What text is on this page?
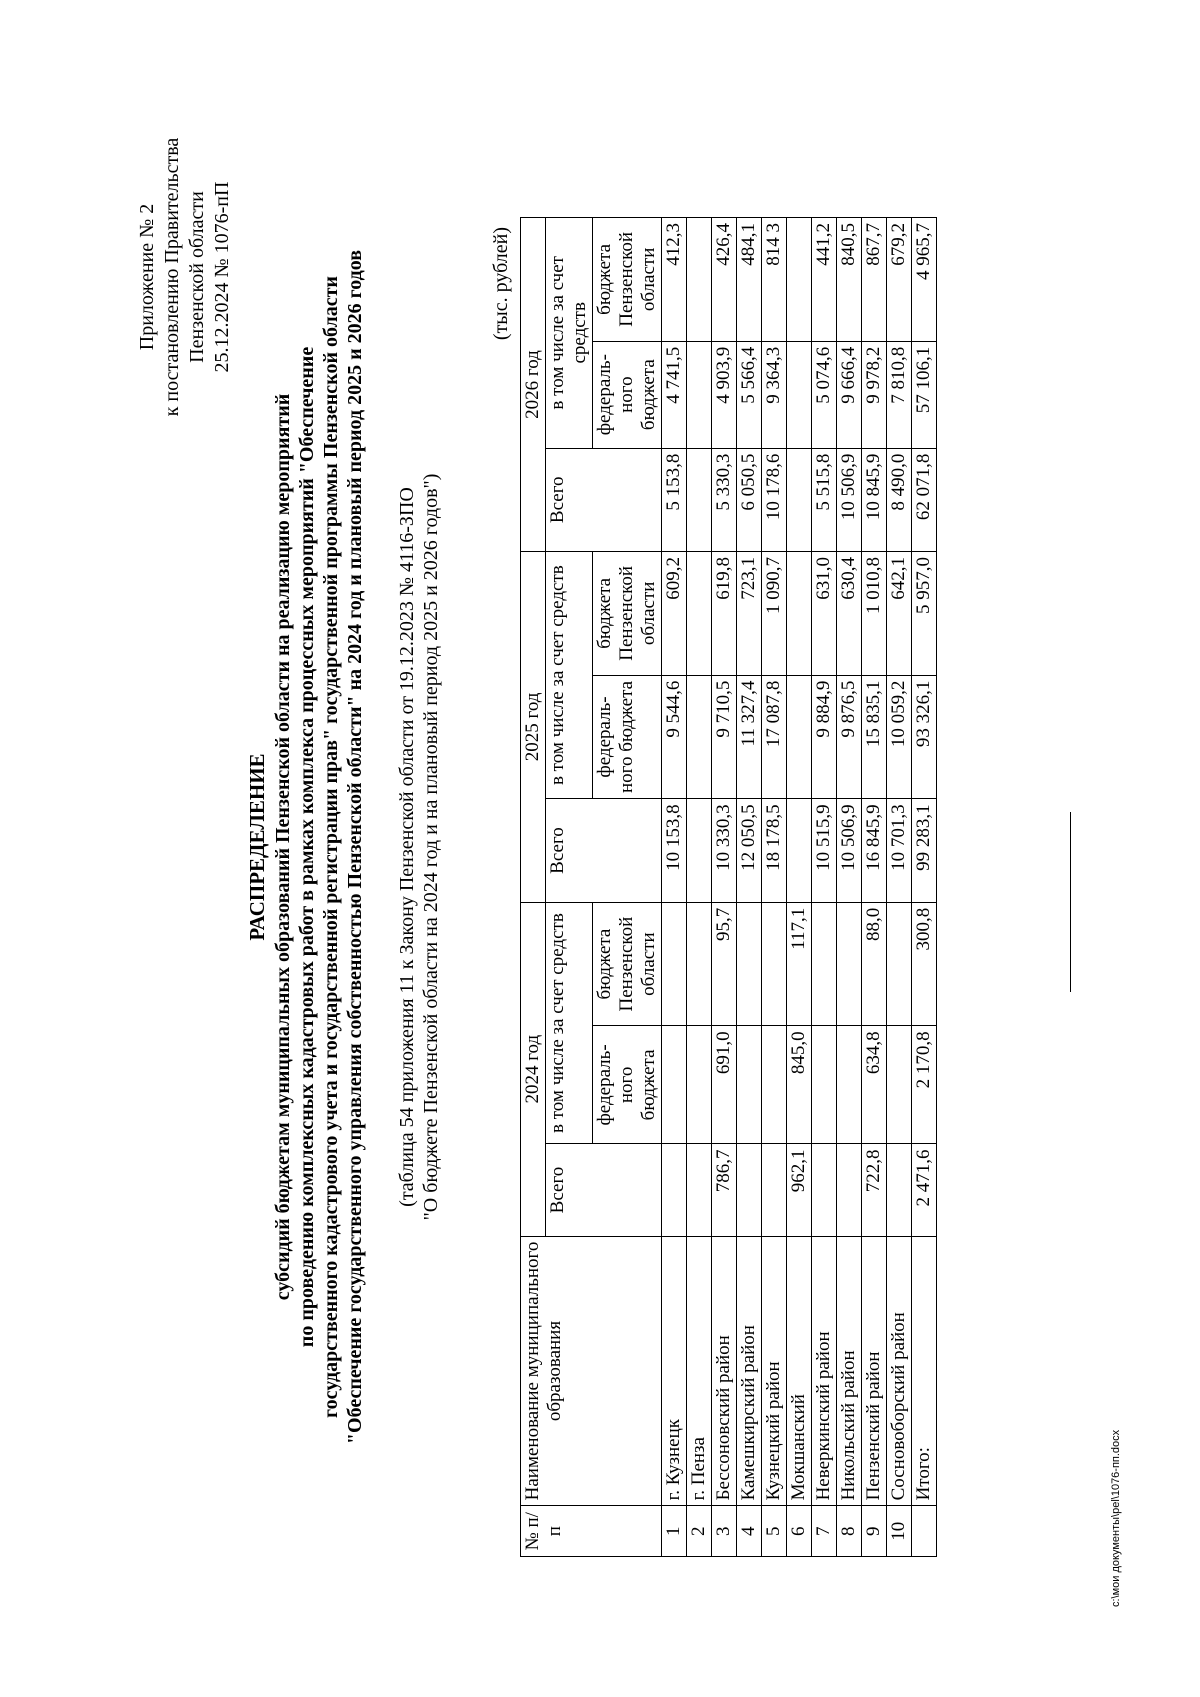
Приложение № 2 к постановлению Правительства Пензенской области 25.12.2024 № 1076-пП
РАСПРЕДЕЛЕНИЕ субсидий бюджетам муниципальных образований Пензенской области на реализацию мероприятий по проведению комплексных кадастровых работ в рамках комплекса процессных мероприятий "Обеспечение государственного кадастрового учета и государственной регистрации прав" государственной программы Пензенской области "Обеспечение государственного управления собственностью Пензенской области" на 2024 год и плановый период 2025 и 2026 годов (таблица 54 приложения 11 к Закону Пензенской области от 19.12.2023 № 4116-ЗПО "О бюджете Пензенской области на 2024 год и на плановый период 2025 и 2026 годов")
(тыс. рублей)
№ п/п	Наименование муниципального образования	2024 год			2025 год			2026 год		
		Всего	в том числе за счет средств		Всего	в том числе за счет средств		Всего	в том числе за счет средств	
			федераль-ного бюджета	бюджета Пензенской области		федераль-ного бюджета	бюджета Пензенской области		федераль-ного бюджета	бюджета Пензенской области
1	г. Кузнецк				10 153,8	9 544,6	609,2	5 153,8	4 741,5	412,3
2	г. Пенза									
3	Бессоновский район	786,7	691,0	95,7	10 330,3	9 710,5	619,8	5 330,3	4 903,9	426,4
4	Камешкирский район				12 050,5	11 327,4	723,1	6 050,5	5 566,4	484,1
5	Кузнецкий район				18 178,5	17 087,8	1 090,7	10 178,6	9 364,3	814 3
6	Мокшанский	962,1	845,0	117,1						
7	Неверкинский район				10 515,9	9 884,9	631,0	5 515,8	5 074,6	441,2
8	Никольский район				10 506,9	9 876,5	630,4	10 506,9	9 666,4	840,5
9	Пензенский район	722,8	634,8	88,0	16 845,9	15 835,1	1 010,8	10 845,9	9 978,2	867,7
10	Сосновоборский район				10 701,3	10 059,2	642,1	8 490,0	7 810,8	679,2
	Итого:	2 471,6	2 170,8	300,8	99 283,1	93 326,1	5 957,0	62 071,8	57 106,1	4 965,7
c:\мои документы\pel\1076-пп.docx
